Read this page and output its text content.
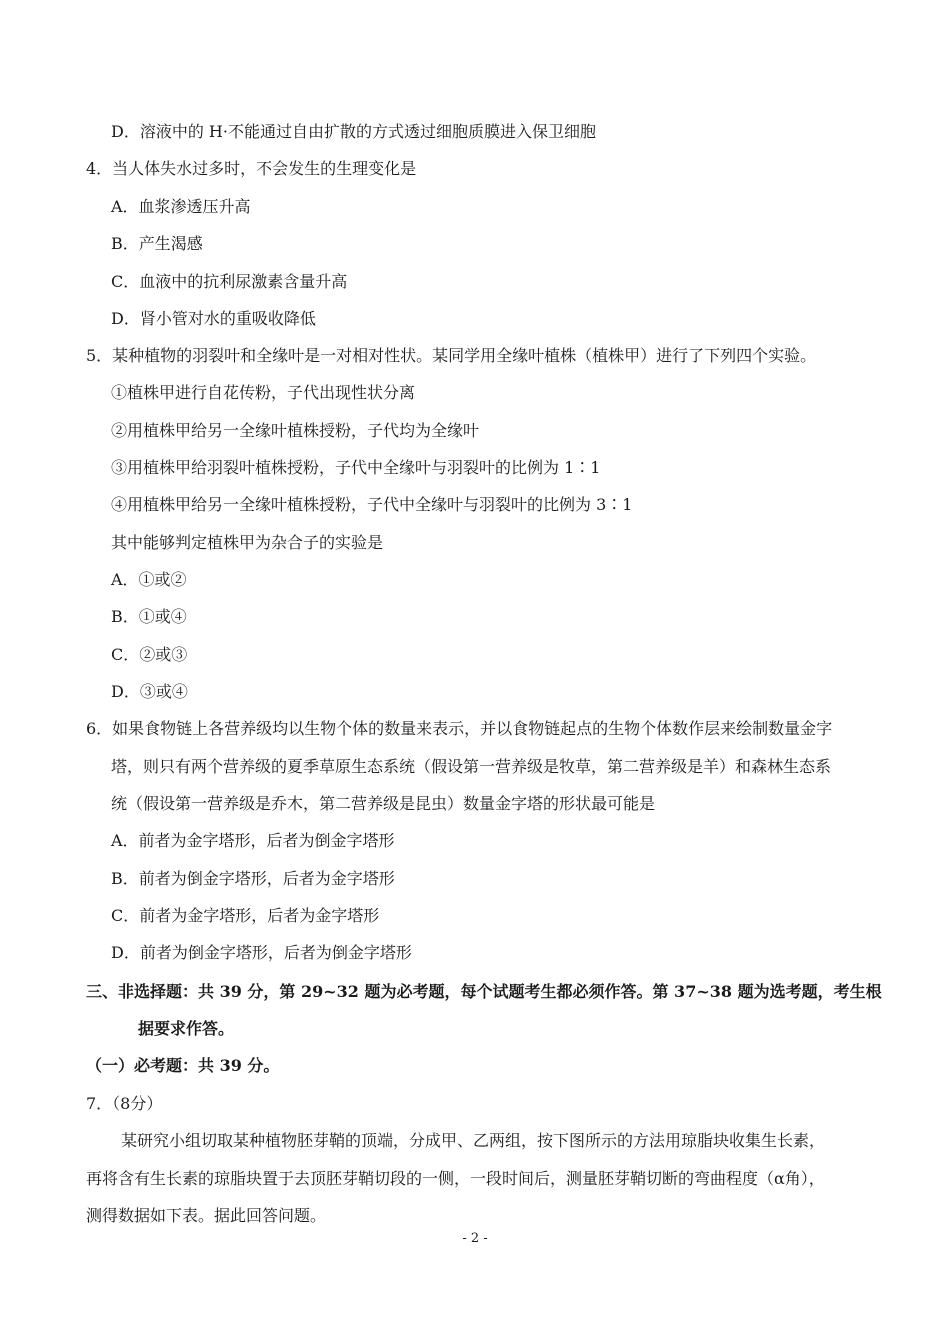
D．溶液中的 H·不能通过自由扩散的方式透过细胞质膜进入保卫细胞
4．当人体失水过多时，不会发生的生理变化是
A．血浆渗透压升高
B．产生渴感
C．血液中的抗利尿激素含量升高
D．肾小管对水的重吸收降低
5．某种植物的羽裂叶和全缘叶是一对相对性状。某同学用全缘叶植株（植株甲）进行了下列四个实验。
①植株甲进行自花传粉，子代出现性状分离
②用植株甲给另一全缘叶植株授粉，子代均为全缘叶
③用植株甲给羽裂叶植株授粉，子代中全缘叶与羽裂叶的比例为 1∶1
④用植株甲给另一全缘叶植株授粉，子代中全缘叶与羽裂叶的比例为 3∶1
其中能够判定植株甲为杂合子的实验是
A．①或②
B．①或④
C．②或③
D．③或④
6．如果食物链上各营养级均以生物个体的数量来表示，并以食物链起点的生物个体数作层来绘制数量金字
塔，则只有两个营养级的夏季草原生态系统（假设第一营养级是牧草，第二营养级是羊）和森林生态系
统（假设第一营养级是乔木，第二营养级是昆虫）数量金字塔的形状最可能是
A．前者为金字塔形，后者为倒金字塔形
B．前者为倒金字塔形，后者为金字塔形
C．前者为金字塔形，后者为金字塔形
D．前者为倒金字塔形，后者为倒金字塔形
三、非选择题：共 39 分，第 29~32 题为必考题，每个试题考生都必须作答。第 37~38 题为选考题，考生根
据要求作答。
（一）必考题：共 39 分。
7．（8分）
某研究小组切取某种植物胚芽鞘的顶端，分成甲、乙两组，按下图所示的方法用琼脂块收集生长素，
再将含有生长素的琼脂块置于去顶胚芽鞘切段的一侧，一段时间后，测量胚芽鞘切断的弯曲程度（α角），
测得数据如下表。据此回答问题。
- 2 -
